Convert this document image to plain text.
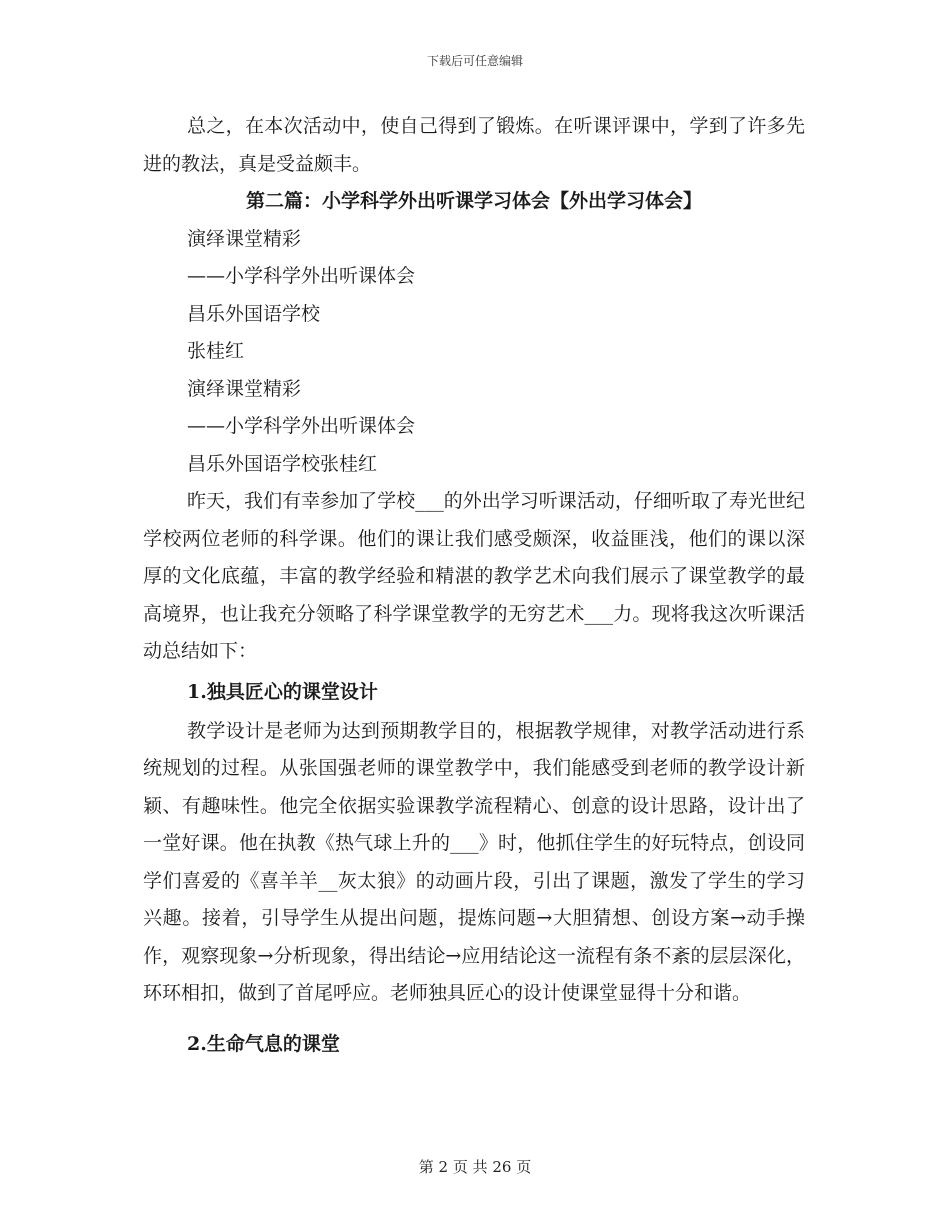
下载后可任意编辑

总之，在本次活动中，使自己得到了锻炼。在听课评课中，学到了许多先进的教法，真是受益颇丰。

第二篇：小学科学外出听课学习体会【外出学习体会】

演绎课堂精彩

——小学科学外出听课体会

昌乐外国语学校

张桂红

演绎课堂精彩

——小学科学外出听课体会

昌乐外国语学校张桂红

昨天，我们有幸参加了学校___的外出学习听课活动，仔细听取了寿光世纪学校两位老师的科学课。他们的课让我们感受颇深，收益匪浅，他们的课以深厚的文化底蕴，丰富的教学经验和精湛的教学艺术向我们展示了课堂教学的最高境界，也让我充分领略了科学课堂教学的无穷艺术___力。现将我这次听课活动总结如下：

1.独具匠心的课堂设计

教学设计是老师为达到预期教学目的，根据教学规律，对教学活动进行系统规划的过程。从张国强老师的课堂教学中，我们能感受到老师的教学设计新颖、有趣味性。他完全依据实验课教学流程精心、创意的设计思路，设计出了一堂好课。他在执教《热气球上升的___》时，他抓住学生的好玩特点，创设同学们喜爱的《喜羊羊__灰太狼》的动画片段，引出了课题，激发了学生的学习兴趣。接着，引导学生从提出问题，提炼问题→大胆猜想、创设方案→动手操作，观察现象→分析现象，得出结论→应用结论这一流程有条不紊的层层深化，环环相扣，做到了首尾呼应。老师独具匠心的设计使课堂显得十分和谐。

2.生命气息的课堂

第 2 页 共 26 页
